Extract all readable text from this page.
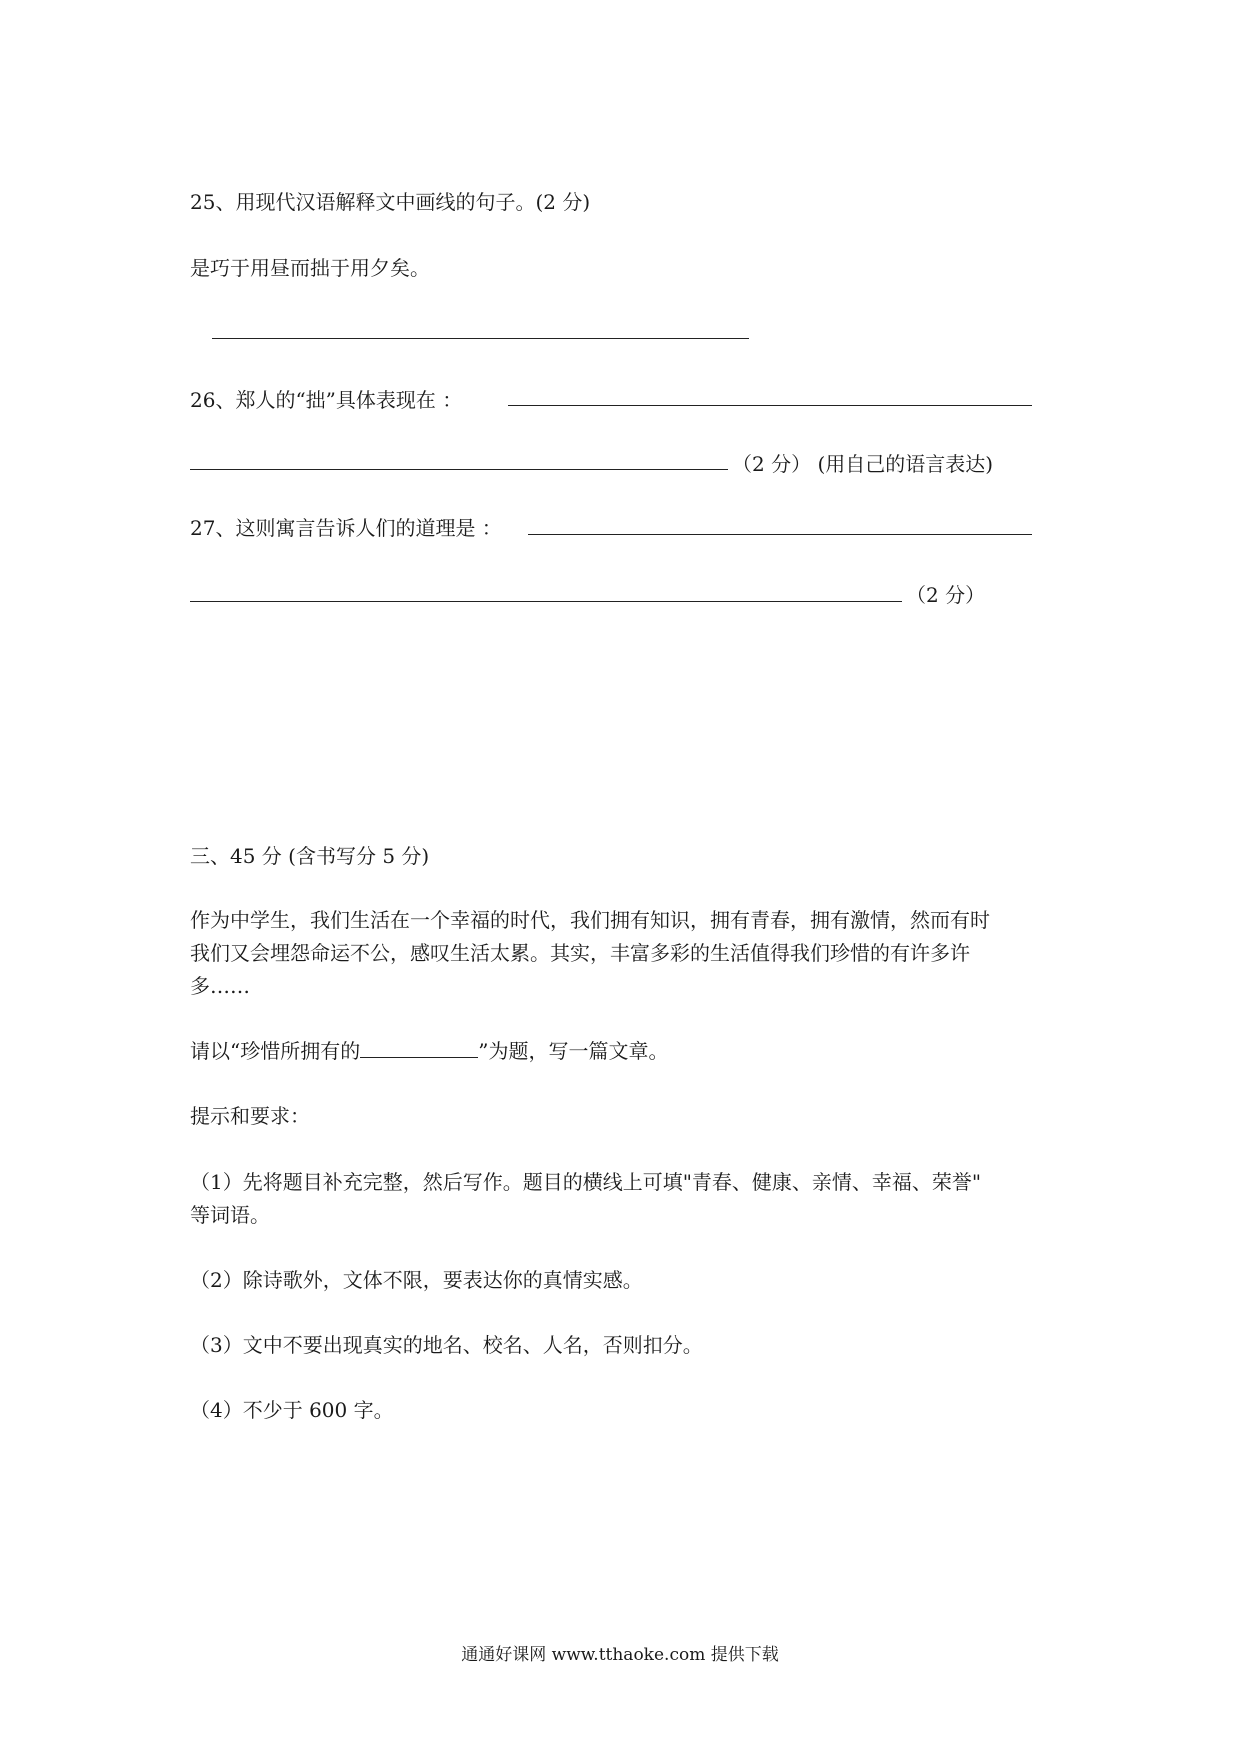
25、用现代汉语解释文中画线的句子。(2 分)
是巧于用昼而拙于用夕矣。
26、郑人的“拙”具体表现在 ：
（2 分） (用自己的语言表达)
27、这则寓言告诉人们的道理是 ：
（2 分）
三、45 分 (含书写分 5 分)
作为中学生，我们生活在一个幸福的时代，我们拥有知识，拥有青春，拥有激情，然而有时
我们又会埋怨命运不公，感叹生活太累。其实，丰富多彩的生活值得我们珍惜的有许多许
多……
请以“珍惜所拥有的	”为题，写一篇文章。
提示和要求：
（1）先将题目补充完整，然后写作。题目的横线上可填"青春、健康、亲情、幸福、荣誉"
等词语。
（2）除诗歌外，文体不限，要表达你的真情实感。
（3）文中不要出现真实的地名、校名、人名，否则扣分。
（4）不少于 600 字。
通通好课网 www.tthaoke.com 提供下载
